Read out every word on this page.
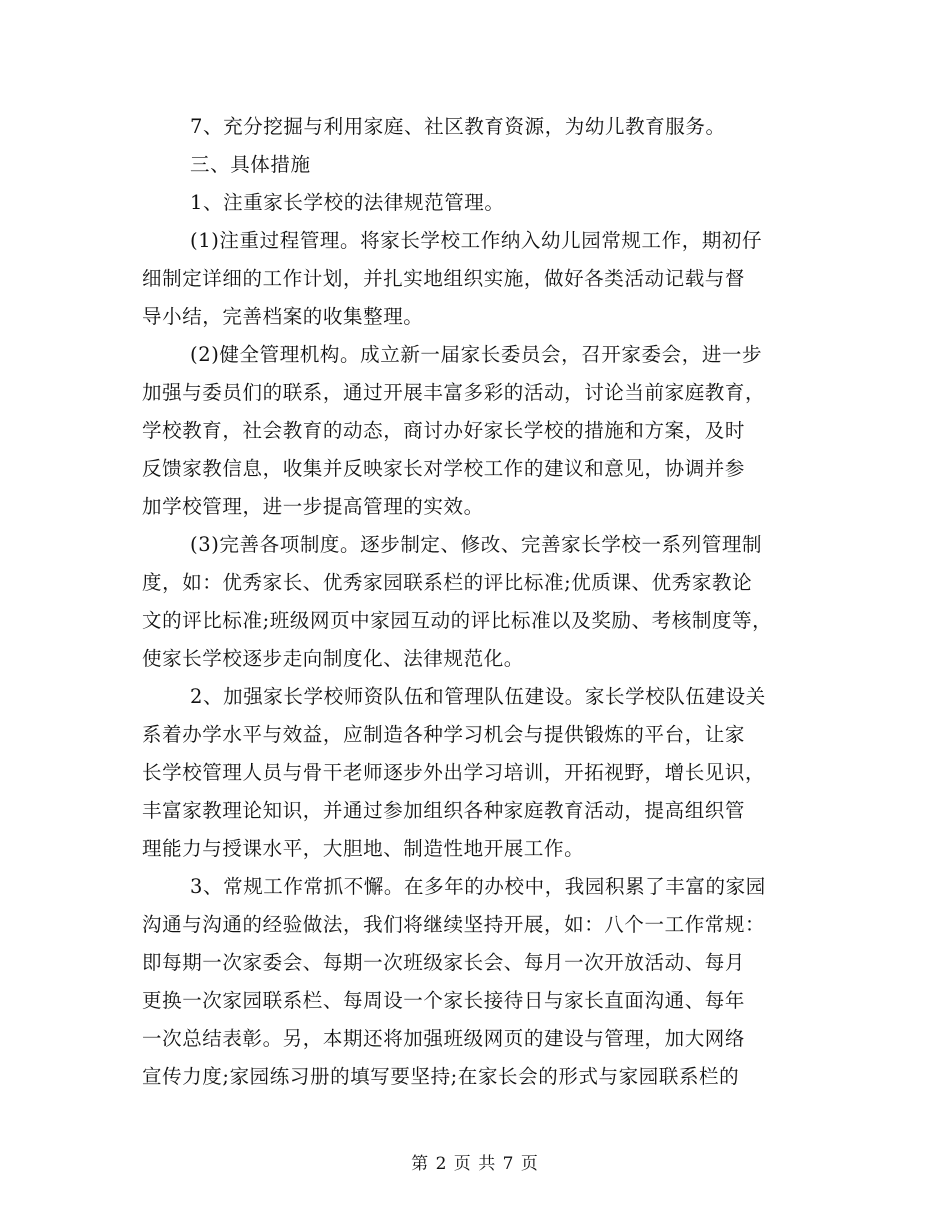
7、充分挖掘与利用家庭、社区教育资源，为幼儿教育服务。
三、具体措施
1、注重家长学校的法律规范管理。
(1)注重过程管理。将家长学校工作纳入幼儿园常规工作，期初仔
细制定详细的工作计划，并扎实地组织实施，做好各类活动记载与督
导小结，完善档案的收集整理。
(2)健全管理机构。成立新一届家长委员会，召开家委会，进一步
加强与委员们的联系，通过开展丰富多彩的活动，讨论当前家庭教育，
学校教育，社会教育的动态，商讨办好家长学校的措施和方案，及时
反馈家教信息，收集并反映家长对学校工作的建议和意见，协调并参
加学校管理，进一步提高管理的实效。
(3)完善各项制度。逐步制定、修改、完善家长学校一系列管理制
度，如：优秀家长、优秀家园联系栏的评比标准;优质课、优秀家教论
文的评比标准;班级网页中家园互动的评比标准以及奖励、考核制度等，
使家长学校逐步走向制度化、法律规范化。
2、加强家长学校师资队伍和管理队伍建设。家长学校队伍建设关
系着办学水平与效益，应制造各种学习机会与提供锻炼的平台，让家
长学校管理人员与骨干老师逐步外出学习培训，开拓视野，增长见识，
丰富家教理论知识，并通过参加组织各种家庭教育活动，提高组织管
理能力与授课水平，大胆地、制造性地开展工作。
3、常规工作常抓不懈。在多年的办校中，我园积累了丰富的家园
沟通与沟通的经验做法，我们将继续坚持开展，如：八个一工作常规：
即每期一次家委会、每期一次班级家长会、每月一次开放活动、每月
更换一次家园联系栏、每周设一个家长接待日与家长直面沟通、每年
一次总结表彰。另，本期还将加强班级网页的建设与管理，加大网络
宣传力度;家园练习册的填写要坚持;在家长会的形式与家园联系栏的
第 2 页 共 7 页
